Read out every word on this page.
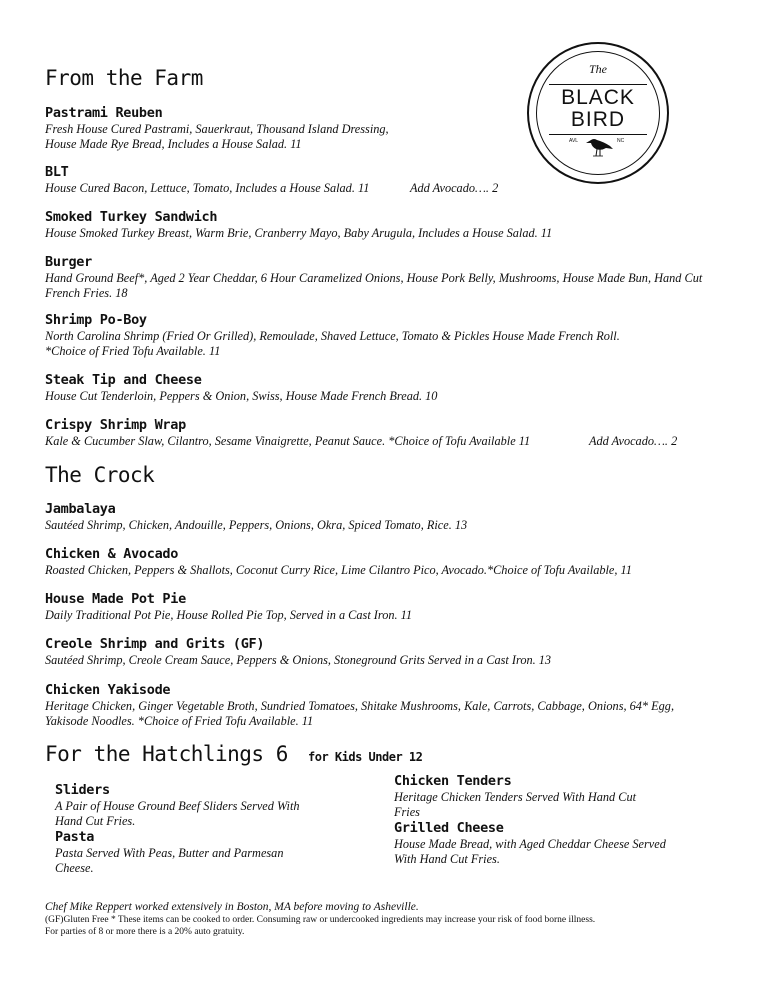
The
BLACK
BIRD
AVL	NC
From the Farm
Pastrami Reuben
Fresh House Cured Pastrami, Sauerkraut, Thousand Island Dressing,
House Made Rye Bread, Includes a House Salad. 11
BLT
House Cured Bacon, Lettuce, Tomato, Includes a House Salad. 11	Add Avocado…. 2
Smoked Turkey Sandwich
House Smoked Turkey Breast, Warm Brie, Cranberry Mayo, Baby Arugula, Includes a House Salad. 11
Burger
Hand Ground Beef*, Aged 2 Year Cheddar, 6 Hour Caramelized Onions, House Pork Belly, Mushrooms, House Made Bun, Hand Cut
French Fries. 18
Shrimp Po-Boy
North Carolina Shrimp (Fried Or Grilled), Remoulade, Shaved Lettuce, Tomato & Pickles House Made French Roll.
*Choice of Fried Tofu Available. 11
Steak Tip and Cheese
House Cut Tenderloin, Peppers & Onion, Swiss, House Made French Bread. 10
Crispy Shrimp Wrap
Kale & Cucumber Slaw, Cilantro, Sesame Vinaigrette, Peanut Sauce. *Choice of Tofu Available 11	Add Avocado…. 2
The Crock
Jambalaya
Sautéed Shrimp, Chicken, Andouille, Peppers, Onions, Okra, Spiced Tomato, Rice. 13
Chicken & Avocado
Roasted Chicken, Peppers & Shallots, Coconut Curry Rice, Lime Cilantro Pico, Avocado.*Choice of Tofu Available, 11
House Made Pot Pie
Daily Traditional Pot Pie, House Rolled Pie Top, Served in a Cast Iron. 11
Creole Shrimp and Grits (GF)
Sautéed Shrimp, Creole Cream Sauce, Peppers & Onions, Stoneground Grits Served in a Cast Iron. 13
Chicken Yakisode
Heritage Chicken, Ginger Vegetable Broth, Sundried Tomatoes, Shitake Mushrooms, Kale, Carrots, Cabbage, Onions, 64* Egg,
Yakisode Noodles. *Choice of Fried Tofu Available. 11
For the Hatchlings 6 for Kids Under 12
Sliders
A Pair of House Ground Beef Sliders Served With Hand Cut Fries.
Pasta
Pasta Served With Peas, Butter and Parmesan Cheese.
Chicken Tenders
Heritage Chicken Tenders Served With Hand Cut Fries
Grilled Cheese
House Made Bread, with Aged Cheddar Cheese Served With Hand Cut Fries.
Chef Mike Reppert worked extensively in Boston, MA before moving to Asheville.
(GF)Gluten Free * These items can be cooked to order. Consuming raw or undercooked ingredients may increase your risk of food borne illness.
For parties of 8 or more there is a 20% auto gratuity.
